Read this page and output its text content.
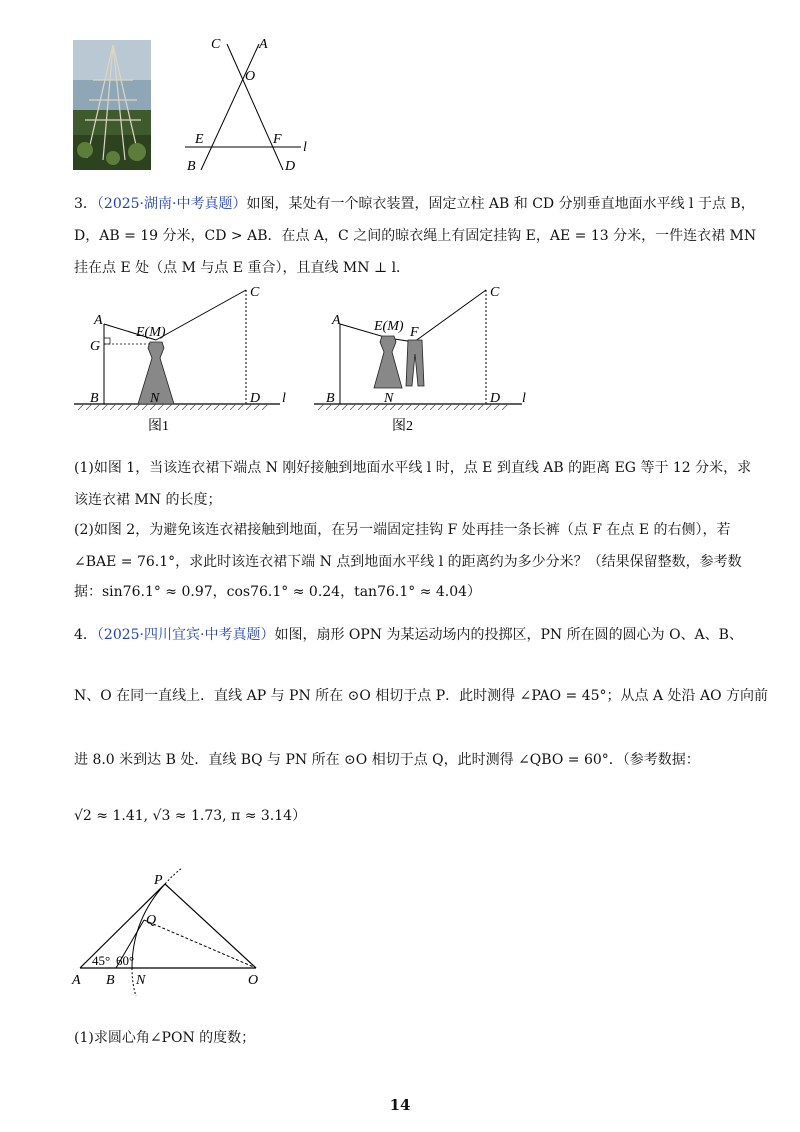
C	A
O
E	F
l
B	D
3．（2025·湖南·中考真题）如图，某处有一个晾衣装置，固定立柱 AB 和 CD 分别垂直地面水平线 l 于点 B，
D，AB = 19 分米，CD > AB．在点 A，C 之间的晾衣绳上有固定挂钩 E，AE = 13 分米，一件连衣裙 MN
挂在点 E 处（点 M 与点 E 重合），且直线 MN ⊥ l．
A
E(M)
C
G
B	N	D l
图1
A E(M) F
C
B	N	D l
图2
(1)如图 1，当该连衣裙下端点 N 刚好接触到地面水平线 l 时，点 E 到直线 AB 的距离 EG 等于 12 分米，求
该连衣裙 MN 的长度；
(2)如图 2，为避免该连衣裙接触到地面，在另一端固定挂钩 F 处再挂一条长裤（点 F 在点 E 的右侧），若
∠BAE = 76.1°，求此时该连衣裙下端 N 点到地面水平线 l 的距离约为多少分米？（结果保留整数，参考数
据：sin76.1° ≈ 0.97，cos76.1° ≈ 0.24，tan76.1° ≈ 4.04）
4．（2025·四川宜宾·中考真题）如图，扇形 OPN 为某运动场内的投掷区，PN 所在圆的圆心为 O、A、B、
N、O 在同一直线上．直线 AP 与 PN 所在 ⊙O 相切于点 P．此时测得 ∠PAO = 45°；从点 A 处沿 AO 方向前
进 8.0 米到达 B 处．直线 BQ 与 PN 所在 ⊙O 相切于点 Q，此时测得 ∠QBO = 60°．（参考数据：
√2 ≈ 1.41, √3 ≈ 1.73, π ≈ 3.14）
P
Q
45° 60°
A B N	O
(1)求圆心角∠PON 的度数；
14
